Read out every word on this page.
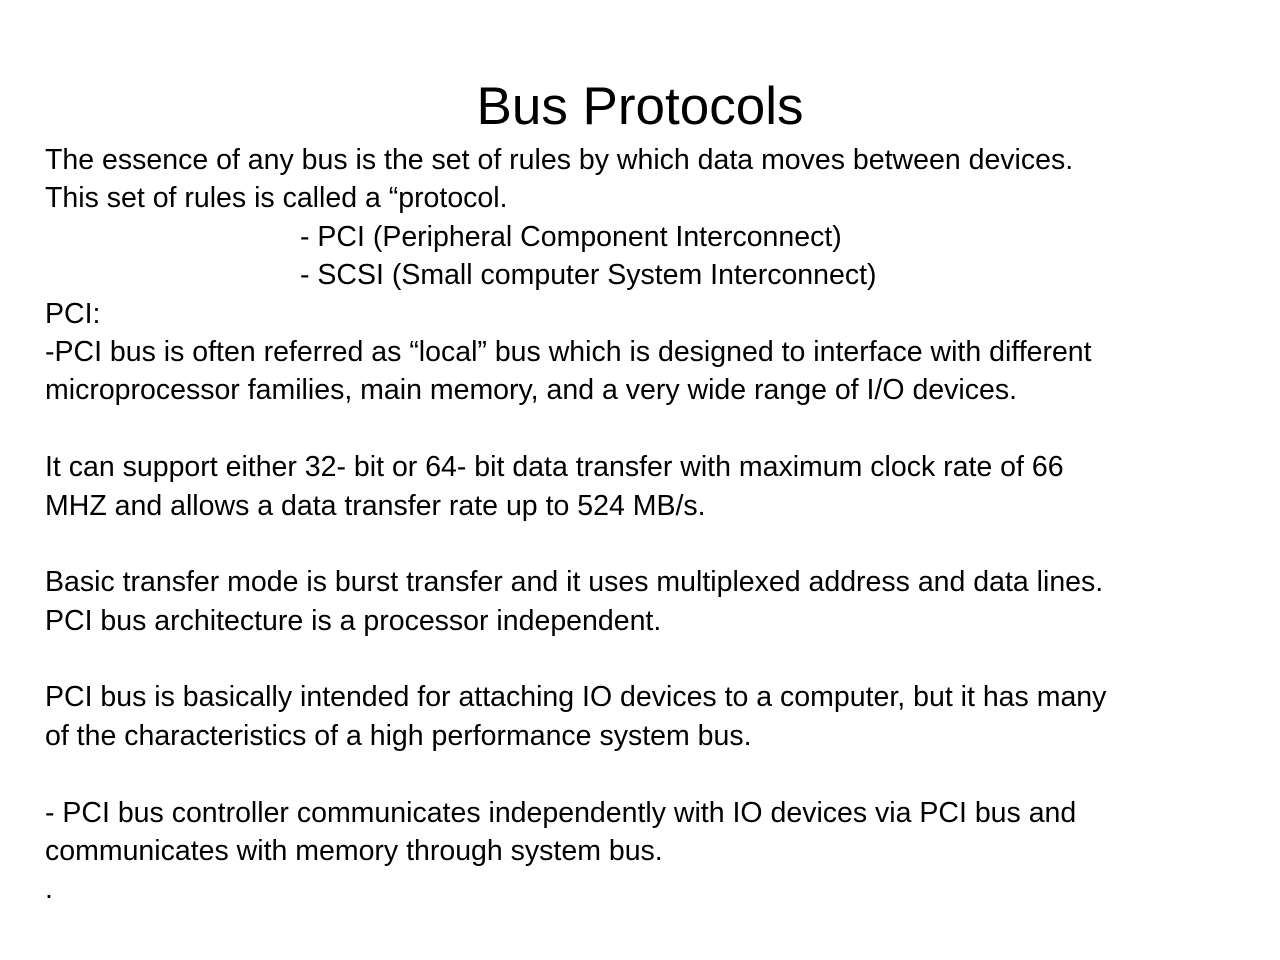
Bus Protocols
The essence of any bus is the set of rules by which data moves between devices.
This set of rules is called a “protocol.
- PCI (Peripheral Component Interconnect)
- SCSI (Small computer System Interconnect)
PCI:
-PCI bus is often referred as “local” bus which is designed to interface with different
microprocessor families, main memory, and a very wide range of I/O devices.
It can support either 32- bit or 64- bit data transfer with maximum clock rate of 66
MHZ and allows a data transfer rate up to 524 MB/s.
Basic transfer mode is burst transfer and it uses multiplexed address and data lines.
PCI bus architecture is a processor independent.
PCI bus is basically intended for attaching IO devices to a computer, but it has many
of the characteristics of a high performance system bus.
- PCI bus controller communicates independently with IO devices via PCI bus and
communicates with memory through system bus.
.
